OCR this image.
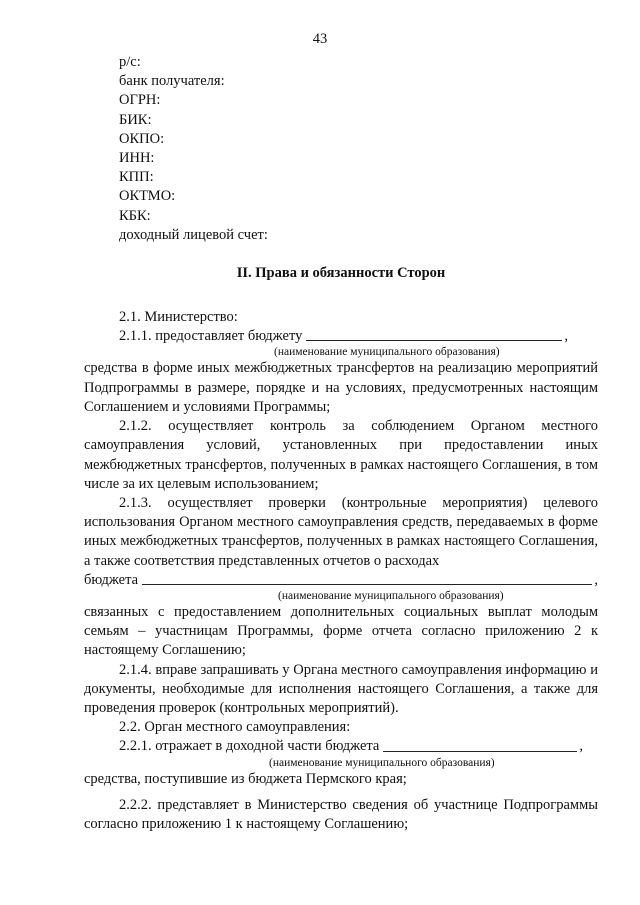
43
р/с:
банк получателя:
ОГРН:
БИК:
ОКПО:
ИНН:
КПП:
ОКТМО:
КБК:
доходный лицевой счет:
II. Права и обязанности Сторон
2.1. Министерство:
2.1.1. предоставляет бюджету	,
(наименование муниципального образования)
средства в форме иных межбюджетных трансфертов на реализацию мероприятий Подпрограммы в размере, порядке и на условиях, предусмотренных настоящим Соглашением и условиями Программы;
2.1.2. осуществляет контроль за соблюдением Органом местного самоуправления условий, установленных при предоставлении иных межбюджетных трансфертов, полученных в рамках настоящего Соглашения, в том числе за их целевым использованием;
2.1.3. осуществляет проверки (контрольные мероприятия) целевого использования Органом местного самоуправления средств, передаваемых в форме иных межбюджетных трансфертов, полученных в рамках настоящего Соглашения, а также соответствия представленных отчетов о расходах
бюджета	,
(наименование муниципального образования)
связанных с предоставлением дополнительных социальных выплат молодым семьям – участницам Программы, форме отчета согласно приложению 2 к настоящему Соглашению;
2.1.4. вправе запрашивать у Органа местного самоуправления информацию и документы, необходимые для исполнения настоящего Соглашения, а также для проведения проверок (контрольных мероприятий).
2.2. Орган местного самоуправления:
2.2.1. отражает в доходной части бюджета	,
(наименование муниципального образования)
средства, поступившие из бюджета Пермского края;
2.2.2. представляет в Министерство сведения об участнице Подпрограммы согласно приложению 1 к настоящему Соглашению;
